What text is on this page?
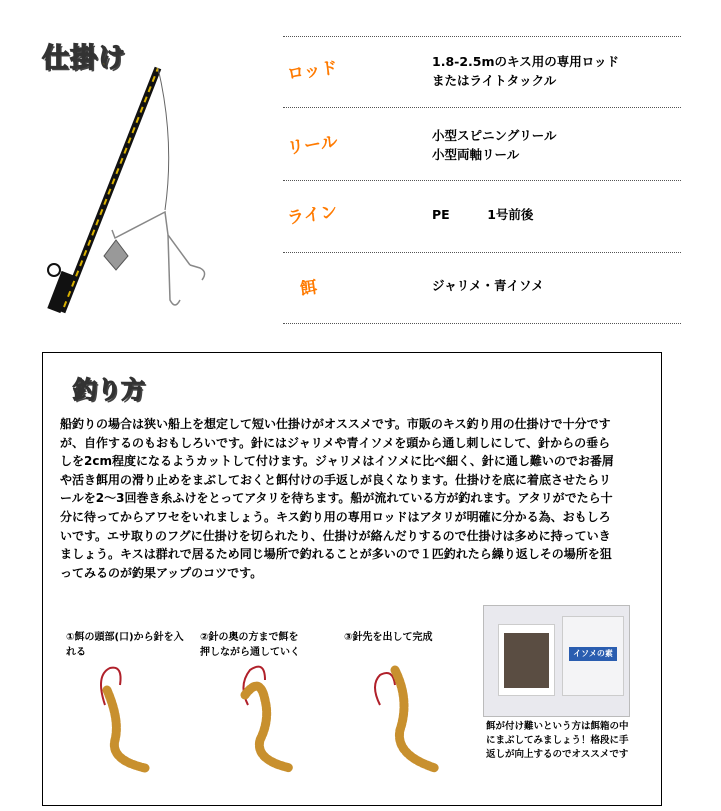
仕掛け	ロッド	1.8-2.5mのキス用の専用ロッド
またはライトタックル
リール	小型スピニングリール
小型両軸リール
ライン	PE　　　1号前後
餌	ジャリメ・青イソメ
釣り方
船釣りの場合は狭い船上を想定して短い仕掛けがオススメです。市販のキス釣り用の仕掛けで十分ですが、自作するのもおもしろいです。針にはジャリメや青イソメを頭から通し刺しにして、針からの垂らしを2cm程度になるようカットして付けます。ジャリメはイソメに比べ細く、針に通し難いのでお番屑や活き餌用の滑り止めをまぶしておくと餌付けの手返しが良くなります。仕掛けを底に着底させたらリールを2〜3回巻き糸ふけをとってアタリを待ちます。船が流れている方が釣れます。アタリがでたら十分に待ってからアワセをいれましょう。キス釣り用の専用ロッドはアタリが明確に分かる為、おもしろいです。エサ取りのフグに仕掛けを切られたり、仕掛けが絡んだりするので仕掛けは多めに持っていきましょう。キスは群れで居るため同じ場所で釣れることが多いので１匹釣れたら繰り返しその場所を狙ってみるのが釣果アップのコツです。
①餌の頭部(口)から針を入れる
②針の奥の方まで餌を押しながら通していく
③針先を出して完成
イソメの素
餌が付け難いという方は餌箱の中にまぶしてみましょう！格段に手返しが向上するのでオススメです
